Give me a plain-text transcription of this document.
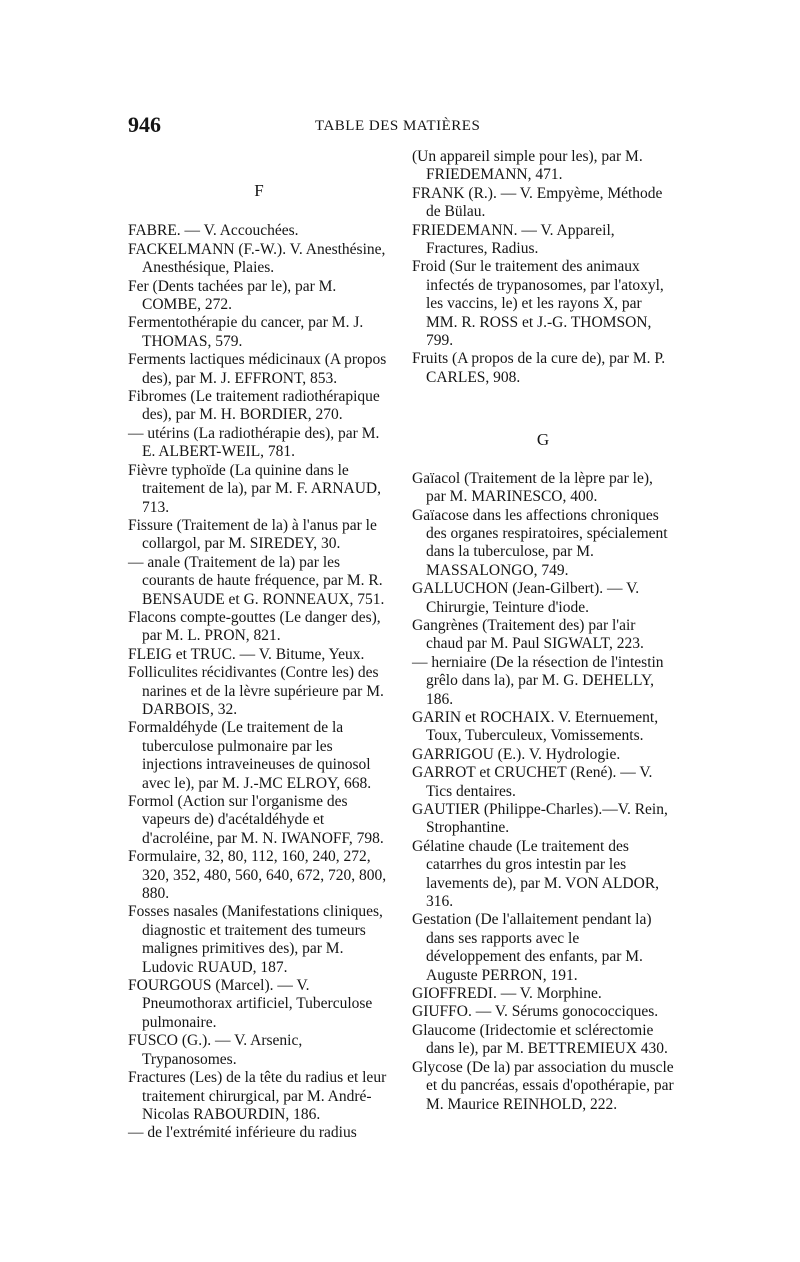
946	TABLE DES MATIÈRES
F

FABRE. — V. Accouchées.

FACKELMANN (F.-W.). V. Anesthésine, Anesthésique, Plaies.

Fer (Dents tachées par le), par M. COMBE, 272.

Fermentothérapie du cancer, par M. J. THOMAS, 579.

Ferments lactiques médicinaux (A propos des), par M. J. EFFRONT, 853.

Fibromes (Le traitement radiothérapique des), par M. H. BORDIER, 270.

— utérins (La radiothérapie des), par M. E. ALBERT-WEIL, 781.

Fièvre typhoïde (La quinine dans le traitement de la), par M. F. ARNAUD, 713.

Fissure (Traitement de la) à l'anus par le collargol, par M. SIREDEY, 30.

— anale (Traitement de la) par les courants de haute fréquence, par M. R. BENSAUDE et G. RONNEAUX, 751.

Flacons compte-gouttes (Le danger des), par M. L. PRON, 821.

FLEIG et TRUC. — V. Bitume, Yeux.

Folliculites récidivantes (Contre les) des narines et de la lèvre supérieure par M. DARBOIS, 32.

Formaldéhyde (Le traitement de la tuberculose pulmonaire par les injections intraveineuses de quinosol avec le), par M. J.-MC ELROY, 668.

Formol (Action sur l'organisme des vapeurs de) d'acétaldéhyde et d'acroléine, par M. N. IWANOFF, 798.

Formulaire, 32, 80, 112, 160, 240, 272, 320, 352, 480, 560, 640, 672, 720, 800, 880.

Fosses nasales (Manifestations cliniques, diagnostic et traitement des tumeurs malignes primitives des), par M. Ludovic RUAUD, 187.

FOURGOUS (Marcel). — V. Pneumothorax artificiel, Tuberculose pulmonaire.

FUSCO (G.). — V. Arsenic, Trypanosomes.

Fractures (Les) de la tête du radius et leur traitement chirurgical, par M. André-Nicolas RABOURDIN, 186.

— de l'extrémité inférieure du radius

(Un appareil simple pour les), par M. FRIEDEMANN, 471.

FRANK (R.). — V. Empyème, Méthode de Bülau.

FRIEDEMANN. — V. Appareil, Fractures, Radius.

Froid (Sur le traitement des animaux infectés de trypanosomes, par l'atoxyl, les vaccins, le) et les rayons X, par MM. R. ROSS et J.-G. THOMSON, 799.

Fruits (A propos de la cure de), par M. P. CARLES, 908.

G

Gaïacol (Traitement de la lèpre par le), par M. MARINESCO, 400.

Gaïacose dans les affections chroniques des organes respiratoires, spécialement dans la tuberculose, par M. MASSALONGO, 749.

GALLUCHON (Jean-Gilbert). — V. Chirurgie, Teinture d'iode.

Gangrènes (Traitement des) par l'air chaud par M. Paul SIGWALT, 223.

— herniaire (De la résection de l'intestin grêlo dans la), par M. G. DEHELLY, 186.

GARIN et ROCHAIX. V. Eternuement, Toux, Tuberculeux, Vomissements.

GARRIGOU (E.). V. Hydrologie.

GARROT et CRUCHET (René). — V. Tics dentaires.

GAUTIER (Philippe-Charles).—V. Rein, Strophantine.

Gélatine chaude (Le traitement des catarrhes du gros intestin par les lavements de), par M. VON ALDOR, 316.

Gestation (De l'allaitement pendant la) dans ses rapports avec le développement des enfants, par M. Auguste PERRON, 191.

GIOFFREDI. — V. Morphine.

GIUFFO. — V. Sérums gonococciques.

Glaucome (Iridectomie et sclérectomie dans le), par M. BETTREMIEUX 430.

Glycose (De la) par association du muscle et du pancréas, essais d'opothérapie, par M. Maurice REINHOLD, 222.
